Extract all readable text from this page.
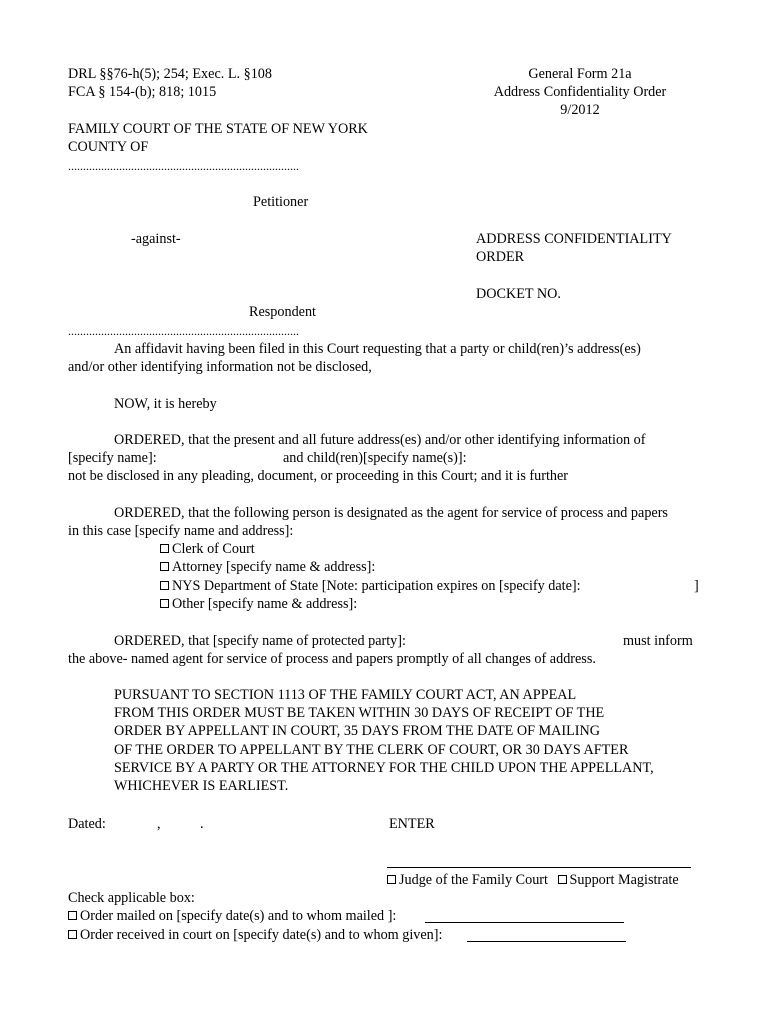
DRL §§76-h(5); 254; Exec. L. §108
FCA § 154-(b); 818; 1015
General Form 21a
Address Confidentiality Order
9/2012
FAMILY COURT OF THE STATE OF NEW YORK
COUNTY OF
.............................................................................
Petitioner
-against-	ADDRESS CONFIDENTIALITY
ORDER
DOCKET NO.
Respondent
.............................................................................
An affidavit having been filed in this Court requesting that a party or child(ren)’s address(es)
and/or other identifying information not be disclosed,
NOW, it is hereby
ORDERED, that the present and all future address(es) and/or other identifying information of
[specify name]:	and child(ren)[specify name(s)]:
not be disclosed in any pleading, document, or proceeding in this Court; and it is further
ORDERED, that the following person is designated as the agent for service of process and papers
in this case [specify name and address]:
Clerk of Court
Attorney [specify name & address]:
NYS Department of State [Note: participation expires on [specify date]:	]
Other [specify name & address]:
ORDERED, that [specify name of protected party]:	must inform
the above- named agent for service of process and papers promptly of all changes of address.
PURSUANT TO SECTION 1113 OF THE FAMILY COURT ACT, AN APPEAL
FROM THIS ORDER MUST BE TAKEN WITHIN 30 DAYS OF RECEIPT OF THE
ORDER BY APPELLANT IN COURT, 35 DAYS FROM THE DATE OF MAILING
OF THE ORDER TO APPELLANT BY THE CLERK OF COURT, OR 30 DAYS AFTER
SERVICE BY A PARTY OR THE ATTORNEY FOR THE CHILD UPON THE APPELLANT,
WHICHEVER IS EARLIEST.
Dated:	,	.	ENTER
Judge of the Family Court Support Magistrate
Check applicable box:
Order mailed on [specify date(s) and to whom mailed ]:
Order received in court on [specify date(s) and to whom given]:
